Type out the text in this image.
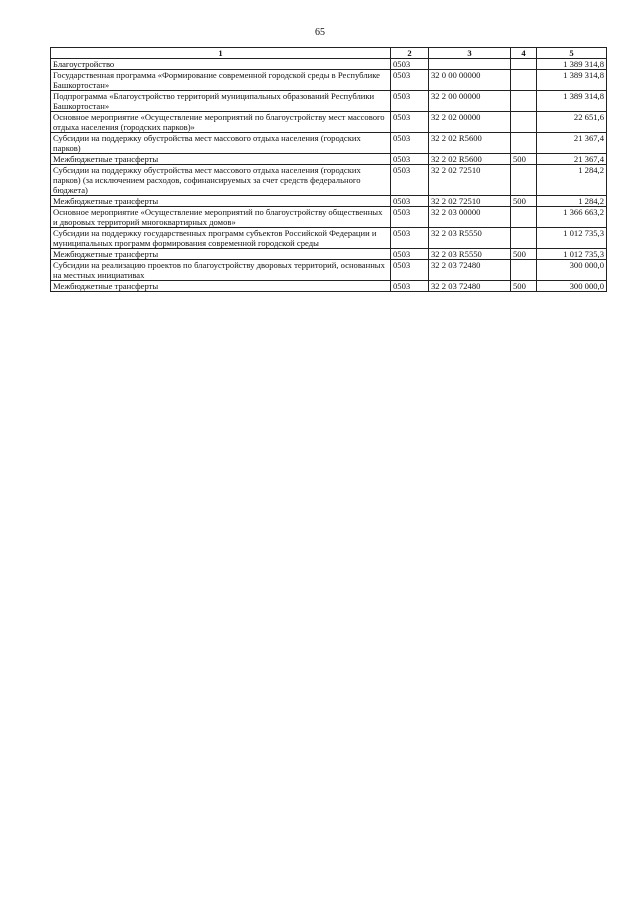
65
1	2	3	4	5
Благоустройство	0503			1 389 314,8
Государственная программа «Формирование современной городской среды в Республике Башкортостан»	0503	32 0 00 00000		1 389 314,8
Подпрограмма «Благоустройство территорий муниципальных образований Республики Башкортостан»	0503	32 2 00 00000		1 389 314,8
Основное мероприятие «Осуществление мероприятий по благоустройству мест массового отдыха населения (городских парков)»	0503	32 2 02 00000		22 651,6
Субсидии на поддержку обустройства мест массового отдыха населения (городских парков)	0503	32 2 02 R5600		21 367,4
Межбюджетные трансферты	0503	32 2 02 R5600	500	21 367,4
Субсидии на поддержку обустройства мест массового отдыха населения (городских парков) (за исключением расходов, софинансируемых за счет средств федерального бюджета)	0503	32 2 02 72510		1 284,2
Межбюджетные трансферты	0503	32 2 02 72510	500	1 284,2
Основное мероприятие «Осуществление мероприятий по благоустройству общественных и дворовых территорий многоквартирных домов»	0503	32 2 03 00000		1 366 663,2
Субсидии на поддержку государственных программ субъектов Российской Федерации и муниципальных программ формирования современной городской среды	0503	32 2 03 R5550		1 012 735,3
Межбюджетные трансферты	0503	32 2 03 R5550	500	1 012 735,3
Субсидии на реализацию проектов по благоустройству дворовых территорий, основанных на местных инициативах	0503	32 2 03 72480		300 000,0
Межбюджетные трансферты	0503	32 2 03 72480	500	300 000,0
